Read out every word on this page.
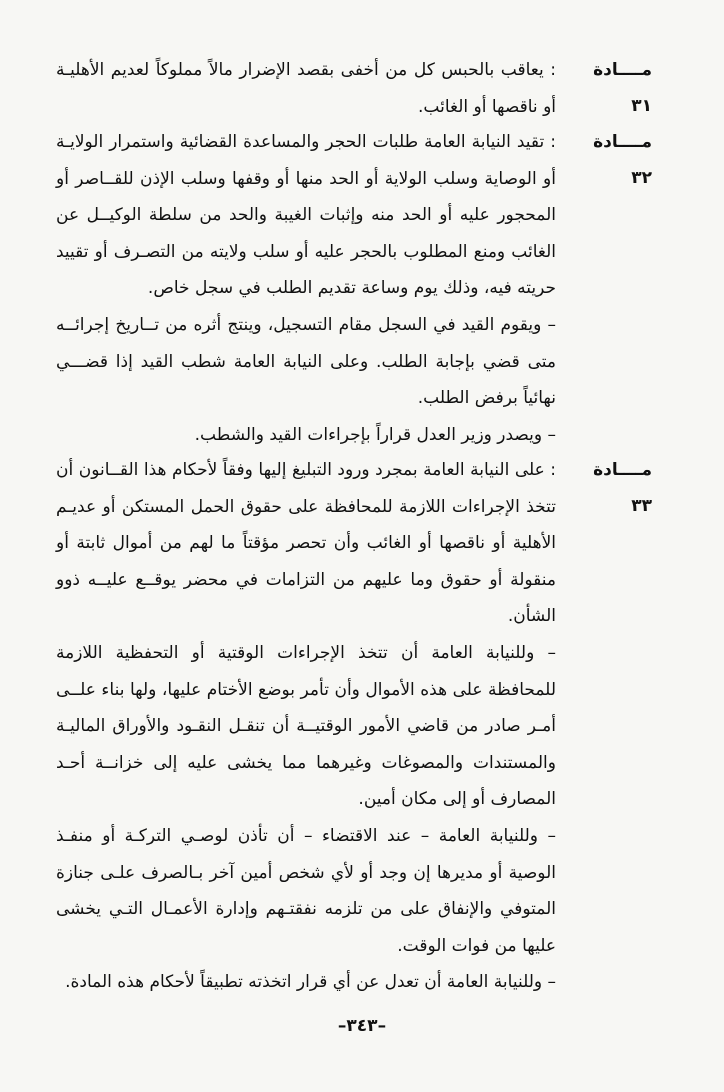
مــــادة ٣١

: يعاقب بالحبس كل من أخفى بقصد الإضرار مالاً مملوكاً لعديم الأهليـة أو ناقصها أو الغائب.

مــــادة ٣٢

: تقيد النيابة العامة طلبات الحجر والمساعدة القضائية واستمرار الولايـة أو الوصاية وسلب الولاية أو الحد منها أو وقفها وسلب الإذن للقــاصر أو المحجور عليه أو الحد منه وإثبات الغيبة والحد من سلطة الوكيــل عن الغائب ومنع المطلوب بالحجر عليه أو سلب ولايته من التصـرف أو تقييد حريته فيه، وذلك يوم وساعة تقديم الطلب في سجل خاص.

– ويقوم القيد في السجل مقام التسجيل، وينتج أثره من تــاريخ إجرائــه متى قضي بإجابة الطلب. وعلى النيابة العامة شطب القيد إذا قضـــي نهائياً برفض الطلب.

– ويصدر وزير العدل قراراً بإجراءات القيد والشطب.

مــــادة ٣٣

: على النيابة العامة بمجرد ورود التبليغ إليها وفقاً لأحكام هذا القــانون أن تتخذ الإجراءات اللازمة للمحافظة على حقوق الحمل المستكن أو عديـم الأهلية أو ناقصها أو الغائب وأن تحصر مؤقتاً ما لهم من أموال ثابتة أو منقولة أو حقوق وما عليهم من التزامات في محضر يوقــع عليــه ذوو الشأن.

– وللنيابة العامة أن تتخذ الإجراءات الوقتية أو التحفظية اللازمة للمحافظة على هذه الأموال وأن تأمر بوضع الأختام عليها، ولها بناء علــى أمـر صادر من قاضي الأمور الوقتيــة أن تنقـل النقـود والأوراق الماليـة والمستندات والمصوغات وغيرهما مما يخشى عليه إلى خزانــة أحـد المصارف أو إلى مكان أمين.

– وللنيابة العامة – عند الاقتضاء – أن تأذن لوصـي التركـة أو منفـذ الوصية أو مديرها إن وجد أو لأي شخص أمين آخر بـالصرف علـى جنازة المتوفي والإنفاق على من تلزمه نفقتـهم وإدارة الأعمـال التـي يخشى عليها من فوات الوقت.

– وللنيابة العامة أن تعدل عن أي قرار اتخذته تطبيقاً لأحكام هذه المادة.

–٣٤٣–
